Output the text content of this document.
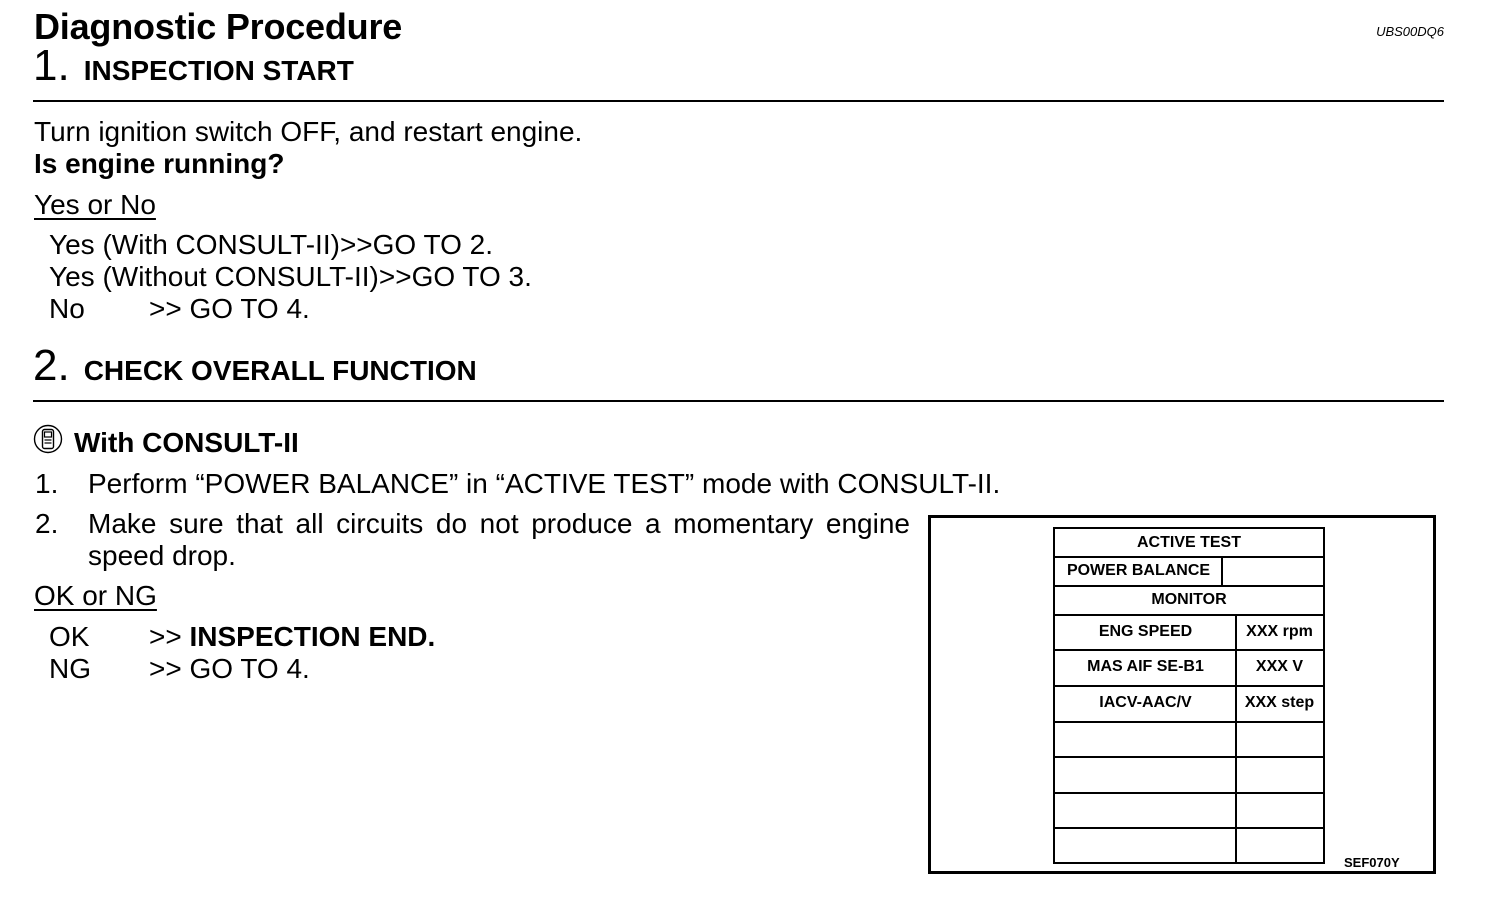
Diagnostic Procedure	UBS00DQ6
1. INSPECTION START
Turn ignition switch OFF, and restart engine.
Is engine running?
Yes or No
Yes (With CONSULT-II)>>GO TO 2.
Yes (Without CONSULT-II)>>GO TO 3.
No >> GO TO 4.
2. CHECK OVERALL FUNCTION
With CONSULT-II
1. Perform “POWER BALANCE” in “ACTIVE TEST” mode with CONSULT-II.
2. Make sure that all circuits do not produce a momentary engine
speed drop.
OK or NG
OK >> INSPECTION END.
NG >> GO TO 4.
ACTIVE TEST
POWER BALANCE
MONITOR
ENG SPEED	XXX rpm
MAS AIF SE-B1	XXX V
IACV-AAC/V	XXX step
SEF070Y
